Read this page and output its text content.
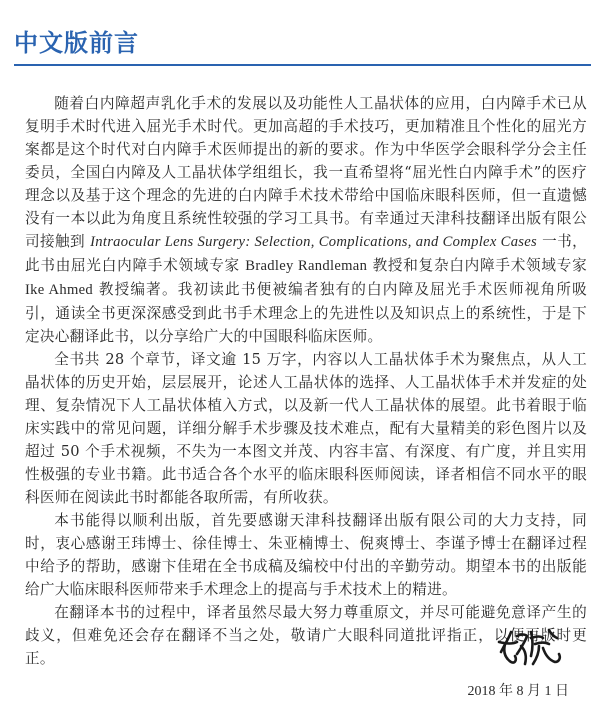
中文版前言

随着白内障超声乳化手术的发展以及功能性人工晶状体的应用，白内障手术已从复明手术时代进入屈光手术时代。更加高超的手术技巧，更加精准且个性化的屈光方案都是这个时代对白内障手术医师提出的新的要求。作为中华医学会眼科学分会主任委员，全国白内障及人工晶状体学组组长，我一直希望将“屈光性白内障手术”的医疗理念以及基于这个理念的先进的白内障手术技术带给中国临床眼科医师，但一直遗憾没有一本以此为角度且系统性较强的学习工具书。有幸通过天津科技翻译出版有限公司接触到 Intraocular Lens Surgery: Selection, Complications, and Complex Cases 一书，此书由屈光白内障手术领域专家 Bradley Randleman 教授和复杂白内障手术领域专家 Ike Ahmed 教授编著。我初读此书便被编者独有的白内障及屈光手术医师视角所吸引，通读全书更深深感受到此书手术理念上的先进性以及知识点上的系统性，于是下定决心翻译此书，以分享给广大的中国眼科临床医师。

全书共 28 个章节，译文逾 15 万字，内容以人工晶状体手术为聚焦点，从人工晶状体的历史开始，层层展开，论述人工晶状体的选择、人工晶状体手术并发症的处理、复杂情况下人工晶状体植入方式，以及新一代人工晶状体的展望。此书着眼于临床实践中的常见问题，详细分解手术步骤及技术难点，配有大量精美的彩色图片以及超过 50 个手术视频，不失为一本图文并茂、内容丰富、有深度、有广度，并且实用性极强的专业书籍。此书适合各个水平的临床眼科医师阅读，译者相信不同水平的眼科医师在阅读此书时都能各取所需，有所收获。

本书能得以顺利出版，首先要感谢天津科技翻译出版有限公司的大力支持，同时，衷心感谢王玮博士、徐佳博士、朱亚楠博士、倪爽博士、李谨予博士在翻译过程中给予的帮助，感谢卞佳珺在全书成稿及编校中付出的辛勤劳动。期望本书的出版能给广大临床眼科医师带来手术理念上的提高与手术技术上的精进。

在翻译本书的过程中，译者虽然尽最大努力尊重原文，并尽可能避免意译产生的歧义，但难免还会存在翻译不当之处，敬请广大眼科同道批评指正，以便再版时更正。

2018 年 8 月 1 日
